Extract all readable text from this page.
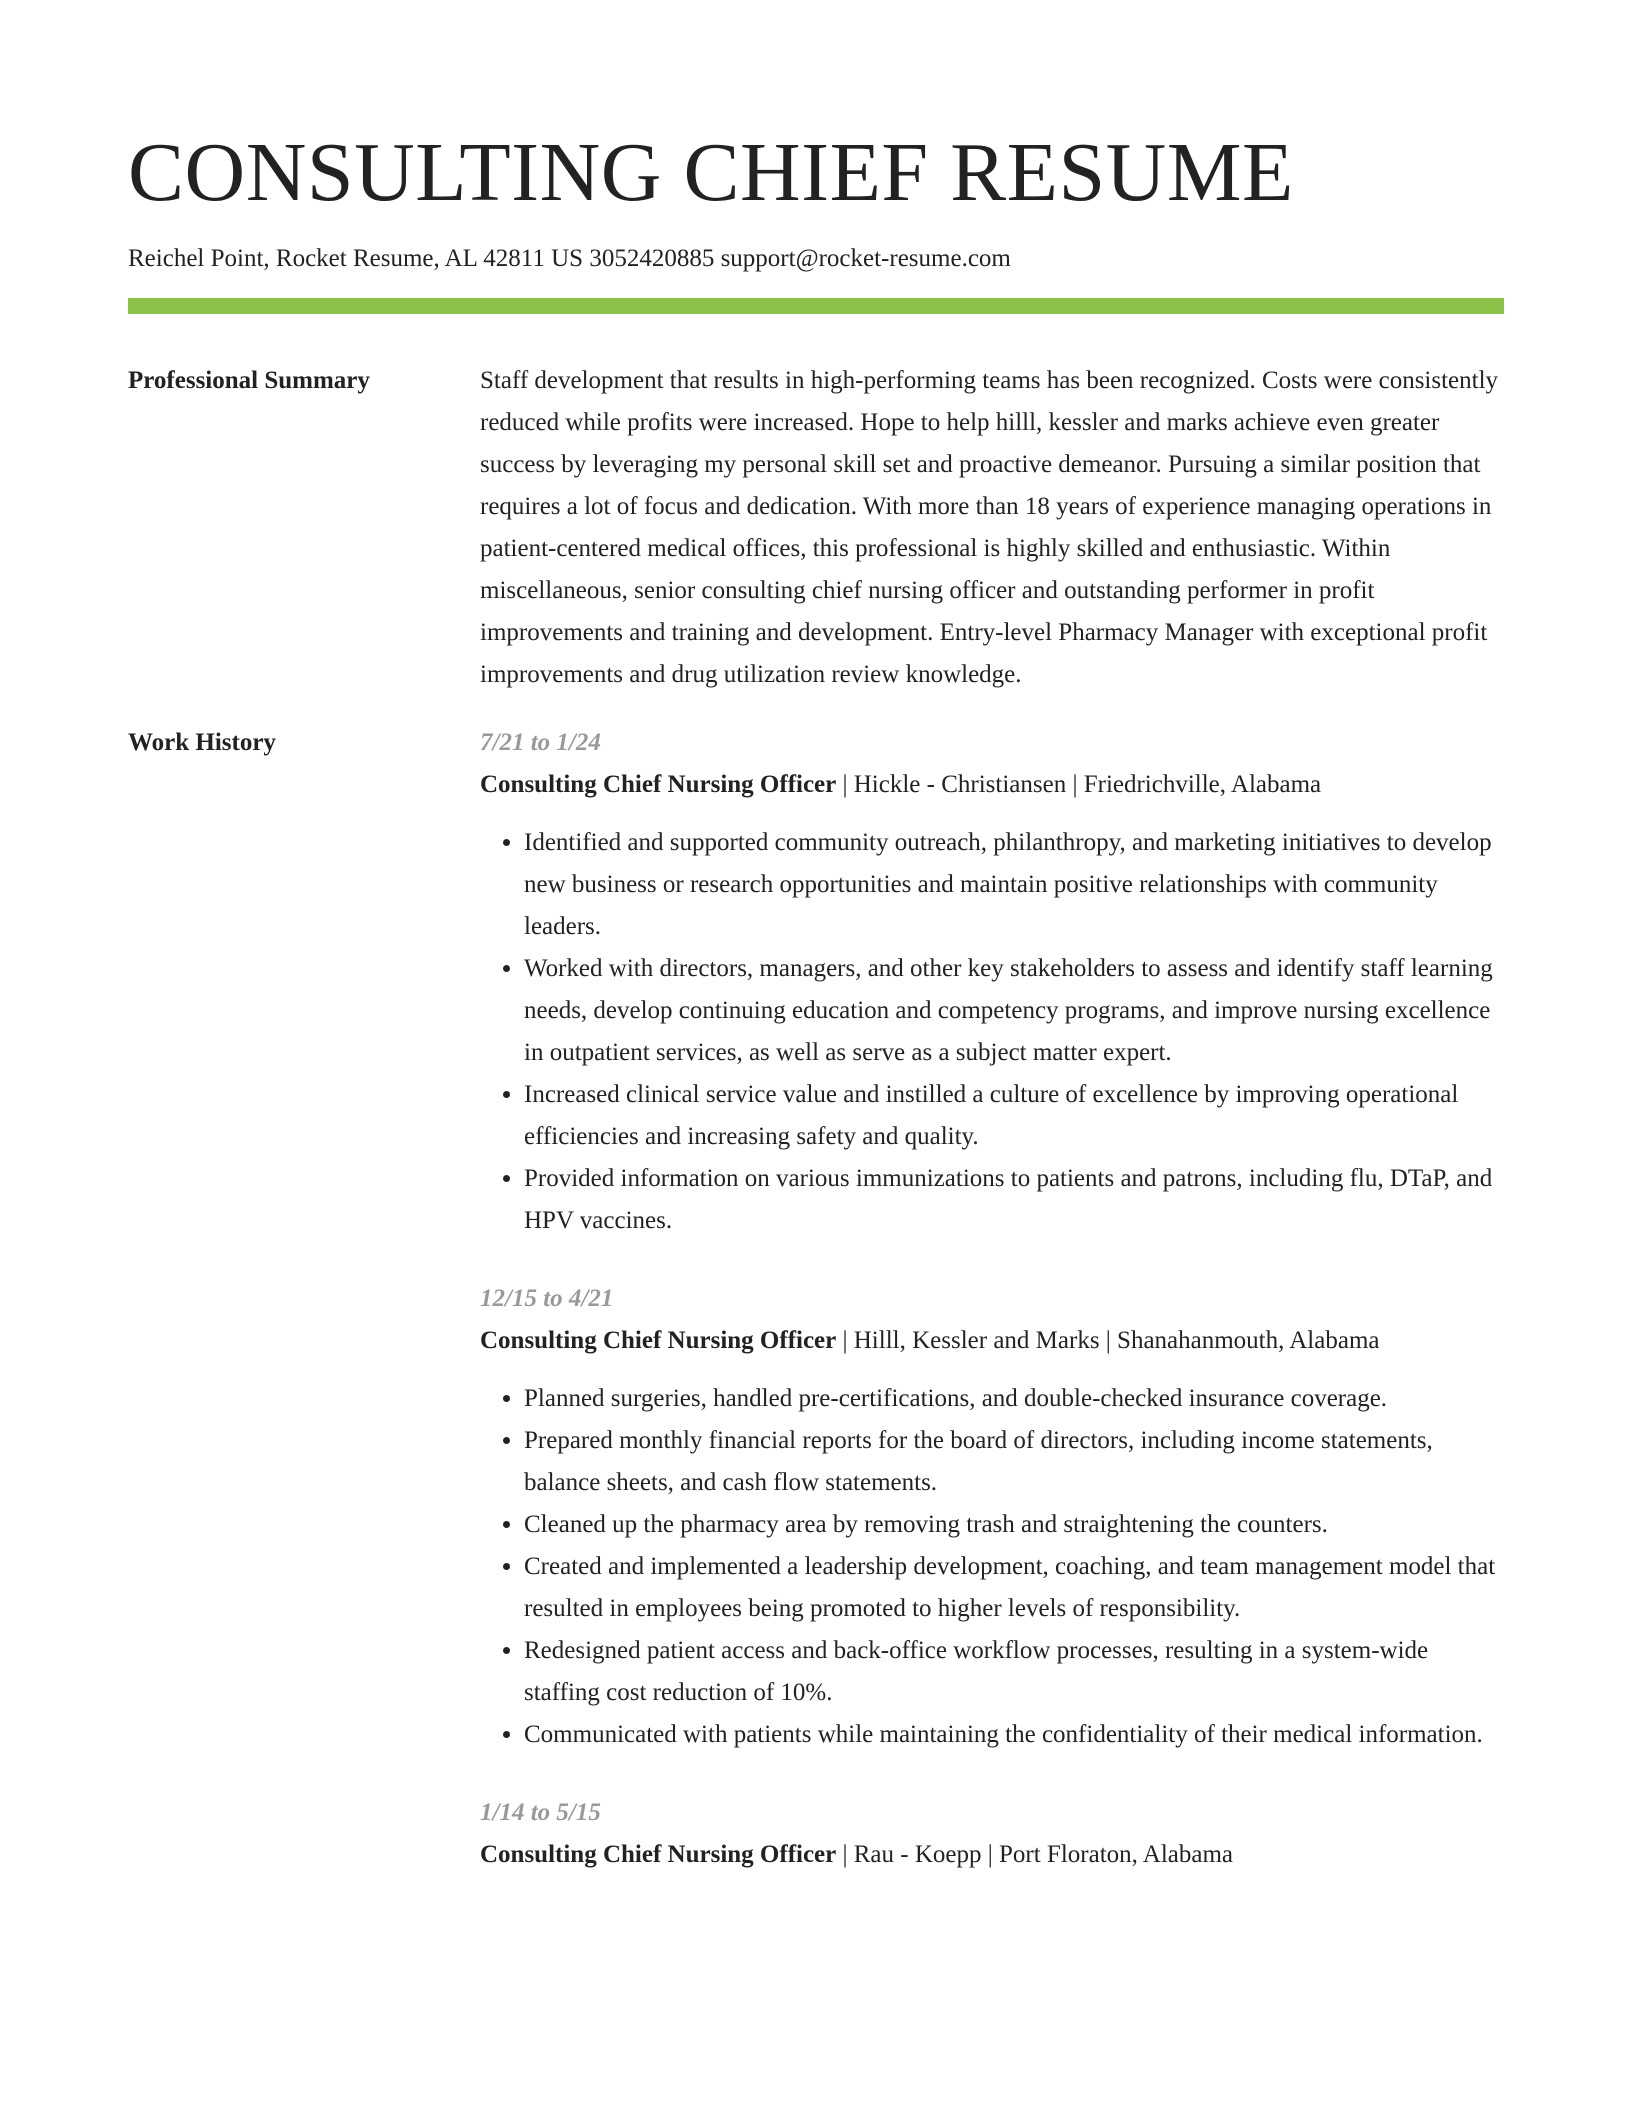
CONSULTING CHIEF RESUME
Reichel Point, Rocket Resume, AL 42811 US 3052420885 support@rocket-resume.com
Professional Summary	Staff development that results in high-performing teams has been recognized. Costs were consistently reduced while profits were increased. Hope to help hilll, kessler and marks achieve even greater success by leveraging my personal skill set and proactive demeanor. Pursuing a similar position that requires a lot of focus and dedication. With more than 18 years of experience managing operations in patient-centered medical offices, this professional is highly skilled and enthusiastic. Within miscellaneous, senior consulting chief nursing officer and outstanding performer in profit improvements and training and development. Entry-level Pharmacy Manager with exceptional profit improvements and drug utilization review knowledge.

Work History	7/21 to 1/24
Consulting Chief Nursing Officer | Hickle - Christiansen | Friedrichville, Alabama
• Identified and supported community outreach, philanthropy, and marketing initiatives to develop new business or research opportunities and maintain positive relationships with community leaders.
• Worked with directors, managers, and other key stakeholders to assess and identify staff learning needs, develop continuing education and competency programs, and improve nursing excellence in outpatient services, as well as serve as a subject matter expert.
• Increased clinical service value and instilled a culture of excellence by improving operational efficiencies and increasing safety and quality.
• Provided information on various immunizations to patients and patrons, including flu, DTaP, and HPV vaccines.
12/15 to 4/21
Consulting Chief Nursing Officer | Hilll, Kessler and Marks | Shanahanmouth, Alabama
• Planned surgeries, handled pre-certifications, and double-checked insurance coverage.
• Prepared monthly financial reports for the board of directors, including income statements, balance sheets, and cash flow statements.
• Cleaned up the pharmacy area by removing trash and straightening the counters.
• Created and implemented a leadership development, coaching, and team management model that resulted in employees being promoted to higher levels of responsibility.
• Redesigned patient access and back-office workflow processes, resulting in a system-wide staffing cost reduction of 10%.
• Communicated with patients while maintaining the confidentiality of their medical information.
1/14 to 5/15
Consulting Chief Nursing Officer | Rau - Koepp | Port Floraton, Alabama
